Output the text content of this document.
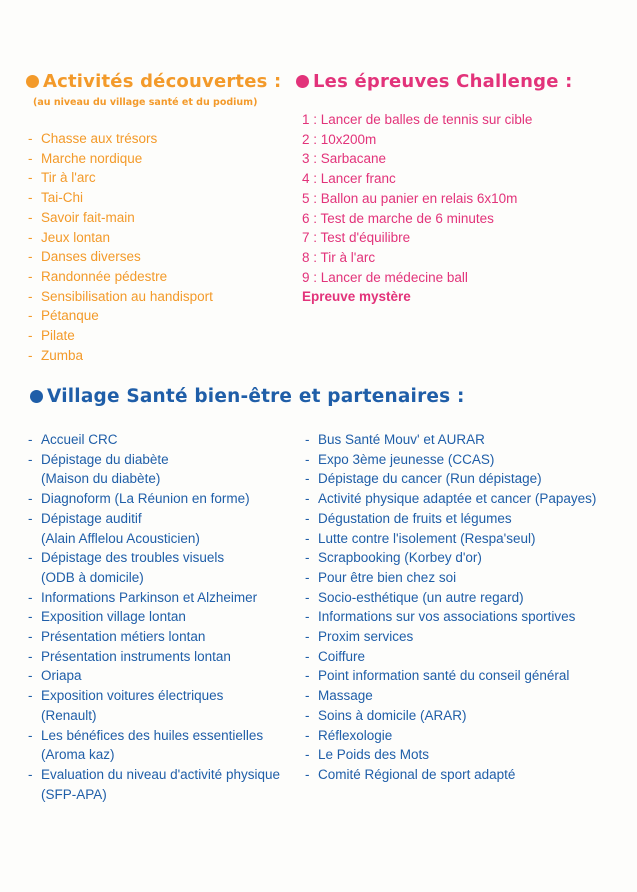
Activités découvertes :
(au niveau du village santé et du podium)
- Chasse aux trésors
- Marche nordique
- Tir à l'arc
- Tai-Chi
- Savoir fait-main
- Jeux lontan
- Danses diverses
- Randonnée pédestre
- Sensibilisation au handisport
- Pétanque
- Pilate
- Zumba
Les épreuves Challenge :
1 : Lancer de balles de tennis sur cible
2 : 10x200m
3 : Sarbacane
4 : Lancer franc
5 : Ballon au panier en relais 6x10m
6 : Test de marche de 6 minutes
7 : Test d'équilibre
8 : Tir à l'arc
9 : Lancer de médecine ball
Epreuve mystère
Village Santé bien-être et partenaires :
- Accueil CRC
- Dépistage du diabète
(Maison du diabète)
- Diagnoform (La Réunion en forme)
- Dépistage auditif
(Alain Afflelou Acousticien)
- Dépistage des troubles visuels
(ODB à domicile)
- Informations Parkinson et Alzheimer
- Exposition village lontan
- Présentation métiers lontan
- Présentation instruments lontan
- Oriapa
- Exposition voitures électriques
(Renault)
- Les bénéfices des huiles essentielles
(Aroma kaz)
- Evaluation du niveau d'activité physique
(SFP-APA)
- Bus Santé Mouv' et AURAR
- Expo 3ème jeunesse (CCAS)
- Dépistage du cancer (Run dépistage)
- Activité physique adaptée et cancer (Papayes)
- Dégustation de fruits et légumes
- Lutte contre l'isolement (Respa'seul)
- Scrapbooking (Korbey d'or)
- Pour être bien chez soi
- Socio-esthétique (un autre regard)
- Informations sur vos associations sportives
- Proxim services
- Coiffure
- Point information santé du conseil général
- Massage
- Soins à domicile (ARAR)
- Réflexologie
- Le Poids des Mots
- Comité Régional de sport adapté
